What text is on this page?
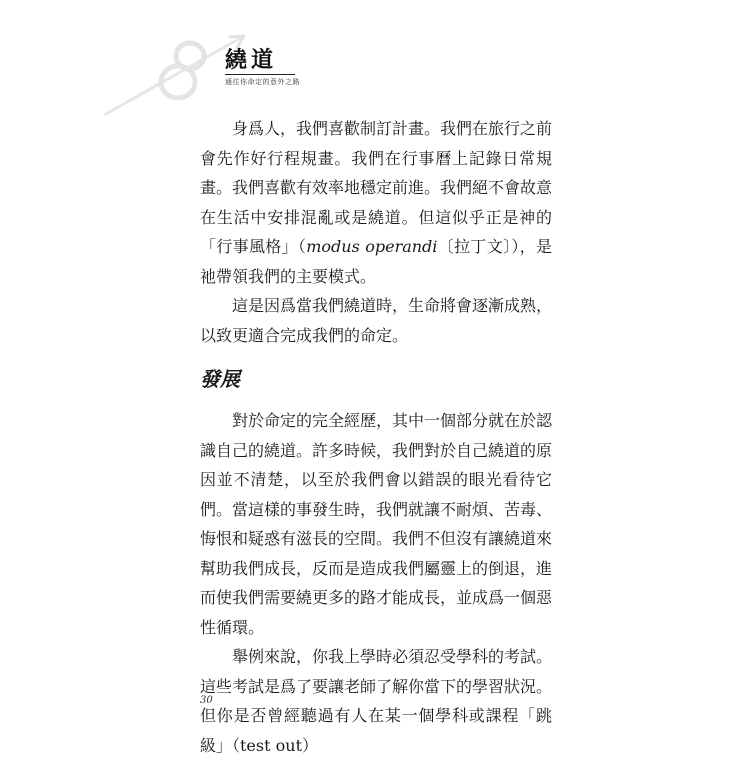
繞道
通往你命定的意外之路

身爲人，我們喜歡制訂計畫。我們在旅行之前會先作好行程規畫。我們在行事曆上記錄日常規畫。我們喜歡有效率地穩定前進。我們絕不會故意在生活中安排混亂或是繞道。但這似乎正是神的「行事風格」（modus operandi〔拉丁文〕），是祂帶領我們的主要模式。

這是因爲當我們繞道時，生命將會逐漸成熟，以致更適合完成我們的命定。

發展

對於命定的完全經歷，其中一個部分就在於認識自己的繞道。許多時候，我們對於自己繞道的原因並不清楚，以至於我們會以錯誤的眼光看待它們。當這樣的事發生時，我們就讓不耐煩、苦毒、悔恨和疑惑有滋長的空間。我們不但沒有讓繞道來幫助我們成長，反而是造成我們屬靈上的倒退，進而使我們需要繞更多的路才能成長，並成爲一個惡性循環。

舉例來說，你我上學時必須忍受學科的考試。這些考試是爲了要讓老師了解你當下的學習狀況。但你是否曾經聽過有人在某一個學科或課程「跳級」（test out）

30
